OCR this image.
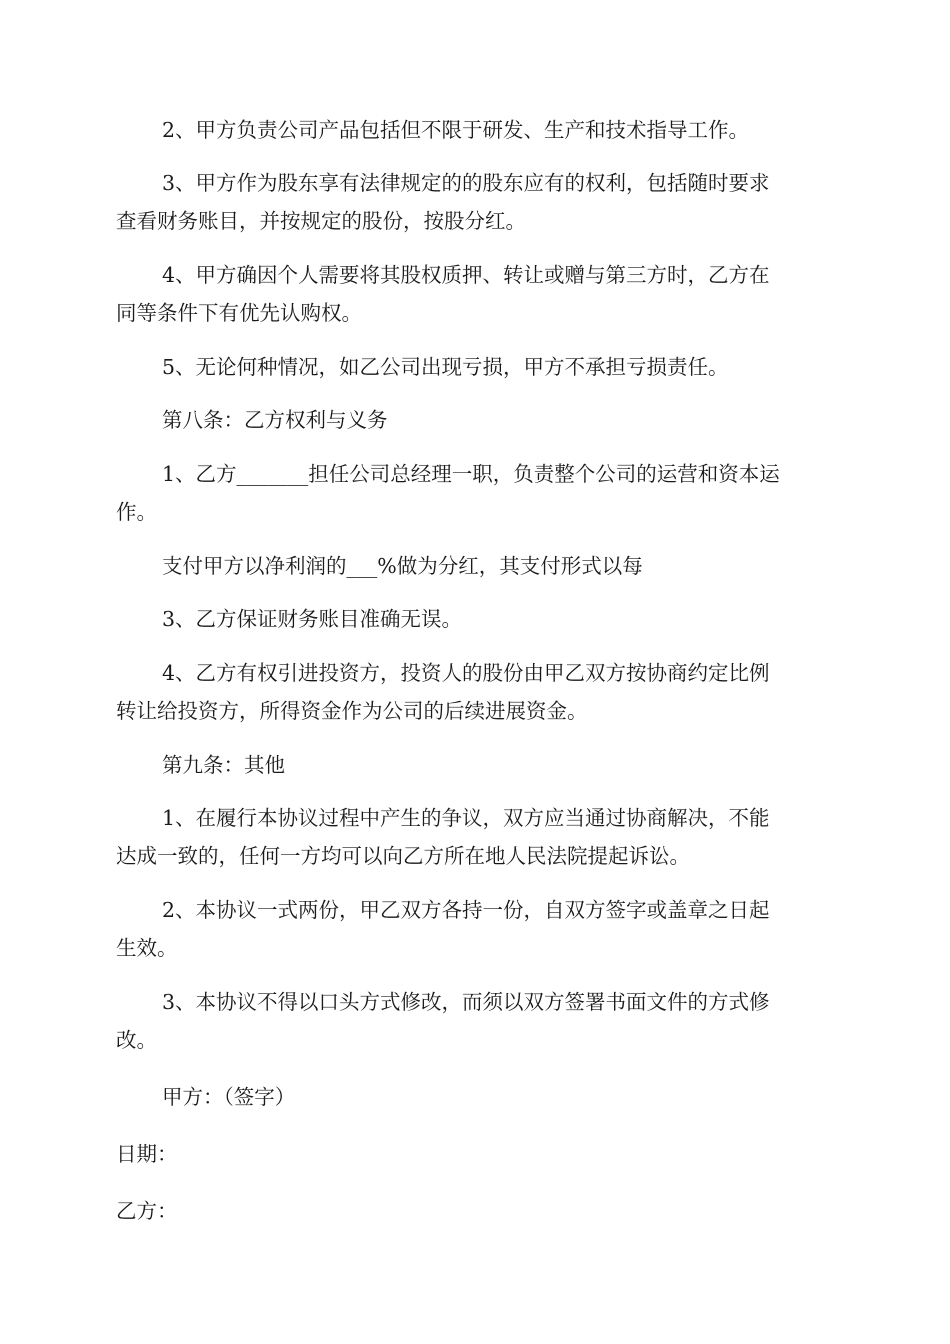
2、甲方负责公司产品包括但不限于研发、生产和技术指导工作。

3、甲方作为股东享有法律规定的的股东应有的权利，包括随时要求

查看财务账目，并按规定的股份，按股分红。

4、甲方确因个人需要将其股权质押、转让或赠与第三方时，乙方在

同等条件下有优先认购权。

5、无论何种情况，如乙公司出现亏损，甲方不承担亏损责任。

第八条：乙方权利与义务

1、乙方_______担任公司总经理一职，负责整个公司的运营和资本运

作。

支付甲方以净利润的___%做为分红，其支付形式以每

3、乙方保证财务账目准确无误。

4、乙方有权引进投资方，投资人的股份由甲乙双方按协商约定比例

转让给投资方，所得资金作为公司的后续进展资金。

第九条：其他

1、在履行本协议过程中产生的争议，双方应当通过协商解决，不能

达成一致的，任何一方均可以向乙方所在地人民法院提起诉讼。

2、本协议一式两份，甲乙双方各持一份，自双方签字或盖章之日起

生效。

3、本协议不得以口头方式修改，而须以双方签署书面文件的方式修

改。

甲方：（签字）

日期：

乙方：
